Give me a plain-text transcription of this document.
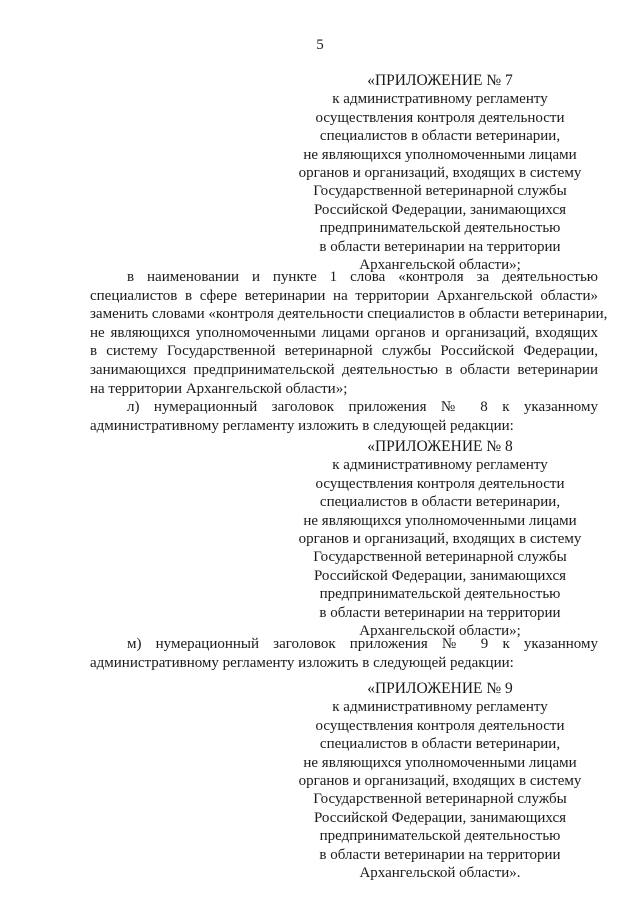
5
«ПРИЛОЖЕНИЕ № 7
к административному регламенту
осуществления контроля деятельности
специалистов в области ветеринарии,
не являющихся уполномоченными лицами
органов и организаций, входящих в систему
Государственной ветеринарной службы
Российской Федерации, занимающихся
предпринимательской деятельностью
в области ветеринарии на территории
Архангельской области»;
в наименовании и пункте 1 слова «контроля за деятельностью
специалистов в сфере ветеринарии на территории Архангельской области»
заменить словами «контроля деятельности специалистов в области ветеринарии,
не являющихся уполномоченными лицами органов и организаций, входящих
в систему Государственной ветеринарной службы Российской Федерации,
занимающихся предпринимательской деятельностью в области ветеринарии
на территории Архангельской области»;
л) нумерационный заголовок приложения № 8 к указанному
административному регламенту изложить в следующей редакции:
«ПРИЛОЖЕНИЕ № 8
к административному регламенту
осуществления контроля деятельности
специалистов в области ветеринарии,
не являющихся уполномоченными лицами
органов и организаций, входящих в систему
Государственной ветеринарной службы
Российской Федерации, занимающихся
предпринимательской деятельностью
в области ветеринарии на территории
Архангельской области»;
м) нумерационный заголовок приложения № 9 к указанному
административному регламенту изложить в следующей редакции:
«ПРИЛОЖЕНИЕ № 9
к административному регламенту
осуществления контроля деятельности
специалистов в области ветеринарии,
не являющихся уполномоченными лицами
органов и организаций, входящих в систему
Государственной ветеринарной службы
Российской Федерации, занимающихся
предпринимательской деятельностью
в области ветеринарии на территории
Архангельской области».
